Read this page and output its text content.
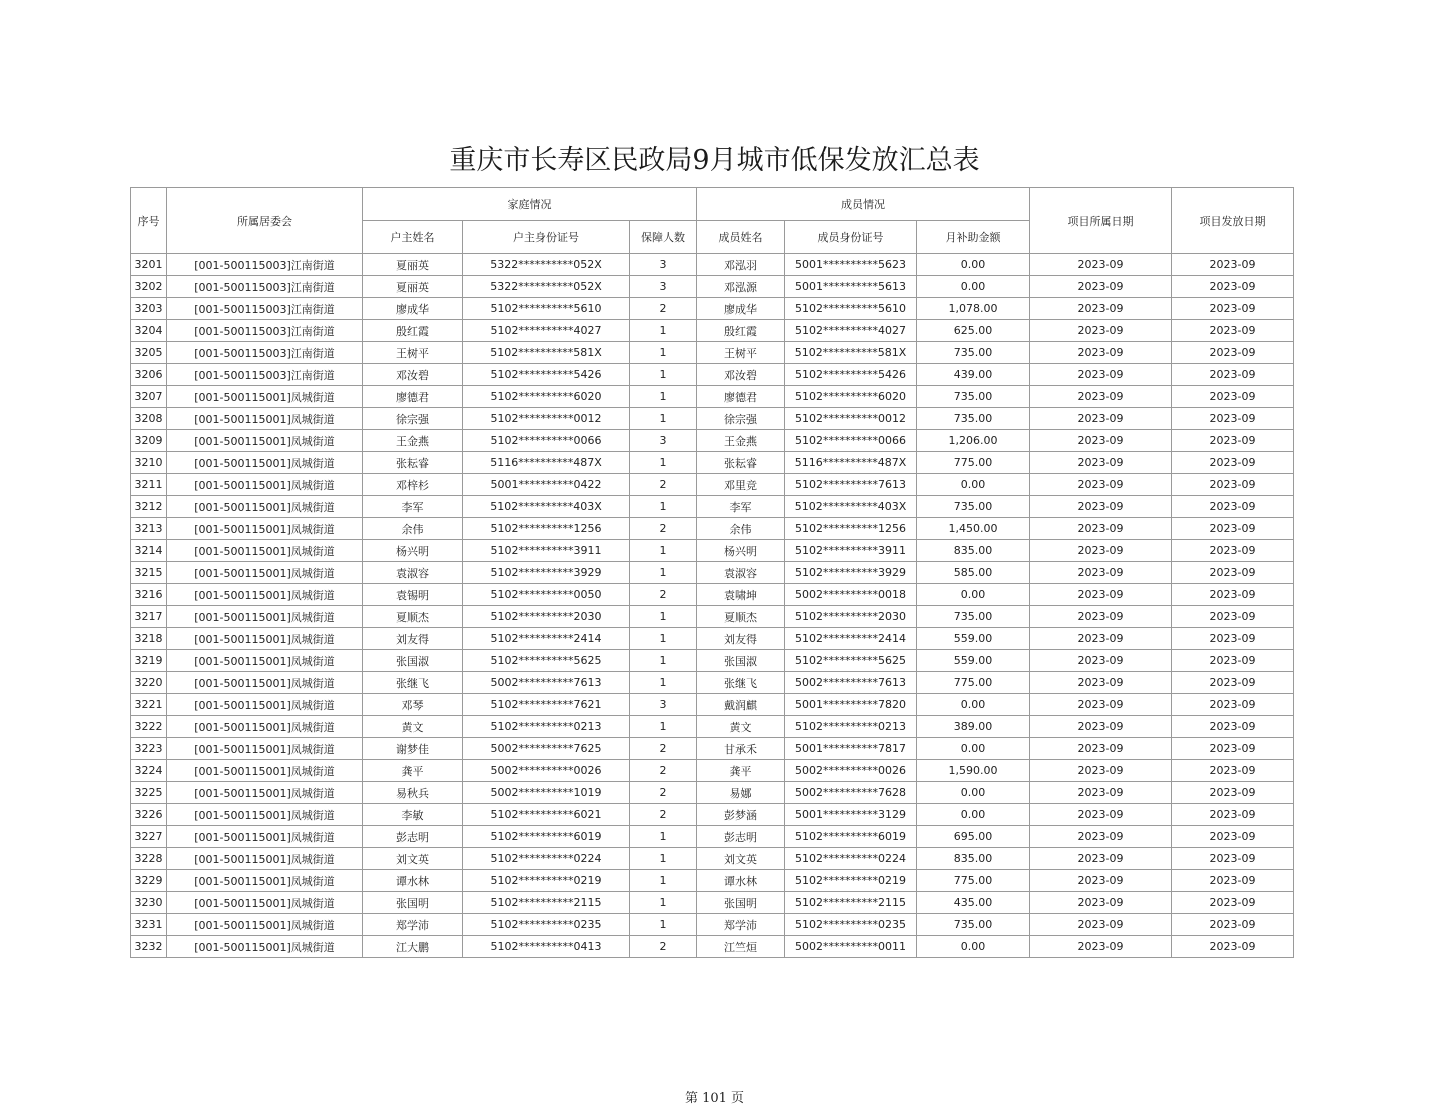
重庆市长寿区民政局9月城市低保发放汇总表
序号	所属居委会	家庭情况			成员情况			项目所属日期	项目发放日期
		户主姓名	户主身份证号	保障人数	成员姓名	成员身份证号	月补助金额		
3201	[001-500115003]江南街道	夏丽英	5322**********052X	3	邓泓羽	5001**********5623	0.00	2023-09	2023-09
3202	[001-500115003]江南街道	夏丽英	5322**********052X	3	邓泓源	5001**********5613	0.00	2023-09	2023-09
3203	[001-500115003]江南街道	廖成华	5102**********5610	2	廖成华	5102**********5610	1,078.00	2023-09	2023-09
3204	[001-500115003]江南街道	殷红霞	5102**********4027	1	殷红霞	5102**********4027	625.00	2023-09	2023-09
3205	[001-500115003]江南街道	王树平	5102**********581X	1	王树平	5102**********581X	735.00	2023-09	2023-09
3206	[001-500115003]江南街道	邓汝碧	5102**********5426	1	邓汝碧	5102**********5426	439.00	2023-09	2023-09
3207	[001-500115001]凤城街道	廖德君	5102**********6020	1	廖德君	5102**********6020	735.00	2023-09	2023-09
3208	[001-500115001]凤城街道	徐宗强	5102**********0012	1	徐宗强	5102**********0012	735.00	2023-09	2023-09
3209	[001-500115001]凤城街道	王金燕	5102**********0066	3	王金燕	5102**********0066	1,206.00	2023-09	2023-09
3210	[001-500115001]凤城街道	张耘睿	5116**********487X	1	张耘睿	5116**********487X	775.00	2023-09	2023-09
3211	[001-500115001]凤城街道	邓梓杉	5001**********0422	2	邓里竞	5102**********7613	0.00	2023-09	2023-09
3212	[001-500115001]凤城街道	李军	5102**********403X	1	李军	5102**********403X	735.00	2023-09	2023-09
3213	[001-500115001]凤城街道	余伟	5102**********1256	2	余伟	5102**********1256	1,450.00	2023-09	2023-09
3214	[001-500115001]凤城街道	杨兴明	5102**********3911	1	杨兴明	5102**********3911	835.00	2023-09	2023-09
3215	[001-500115001]凤城街道	袁淑容	5102**********3929	1	袁淑容	5102**********3929	585.00	2023-09	2023-09
3216	[001-500115001]凤城街道	袁锡明	5102**********0050	2	袁啸坤	5002**********0018	0.00	2023-09	2023-09
3217	[001-500115001]凤城街道	夏顺杰	5102**********2030	1	夏顺杰	5102**********2030	735.00	2023-09	2023-09
3218	[001-500115001]凤城街道	刘友得	5102**********2414	1	刘友得	5102**********2414	559.00	2023-09	2023-09
3219	[001-500115001]凤城街道	张国淑	5102**********5625	1	张国淑	5102**********5625	559.00	2023-09	2023-09
3220	[001-500115001]凤城街道	张继飞	5002**********7613	1	张继飞	5002**********7613	775.00	2023-09	2023-09
3221	[001-500115001]凤城街道	邓琴	5102**********7621	3	戴润麒	5001**********7820	0.00	2023-09	2023-09
3222	[001-500115001]凤城街道	黄文	5102**********0213	1	黄文	5102**********0213	389.00	2023-09	2023-09
3223	[001-500115001]凤城街道	谢梦佳	5002**********7625	2	甘承禾	5001**********7817	0.00	2023-09	2023-09
3224	[001-500115001]凤城街道	龚平	5002**********0026	2	龚平	5002**********0026	1,590.00	2023-09	2023-09
3225	[001-500115001]凤城街道	易秋兵	5002**********1019	2	易娜	5002**********7628	0.00	2023-09	2023-09
3226	[001-500115001]凤城街道	李敏	5102**********6021	2	彭梦涵	5001**********3129	0.00	2023-09	2023-09
3227	[001-500115001]凤城街道	彭志明	5102**********6019	1	彭志明	5102**********6019	695.00	2023-09	2023-09
3228	[001-500115001]凤城街道	刘文英	5102**********0224	1	刘文英	5102**********0224	835.00	2023-09	2023-09
3229	[001-500115001]凤城街道	谭水林	5102**********0219	1	谭水林	5102**********0219	775.00	2023-09	2023-09
3230	[001-500115001]凤城街道	张国明	5102**********2115	1	张国明	5102**********2115	435.00	2023-09	2023-09
3231	[001-500115001]凤城街道	郑学沛	5102**********0235	1	郑学沛	5102**********0235	735.00	2023-09	2023-09
3232	[001-500115001]凤城街道	江大鹏	5102**********0413	2	江竺烜	5002**********0011	0.00	2023-09	2023-09
第 101 页
